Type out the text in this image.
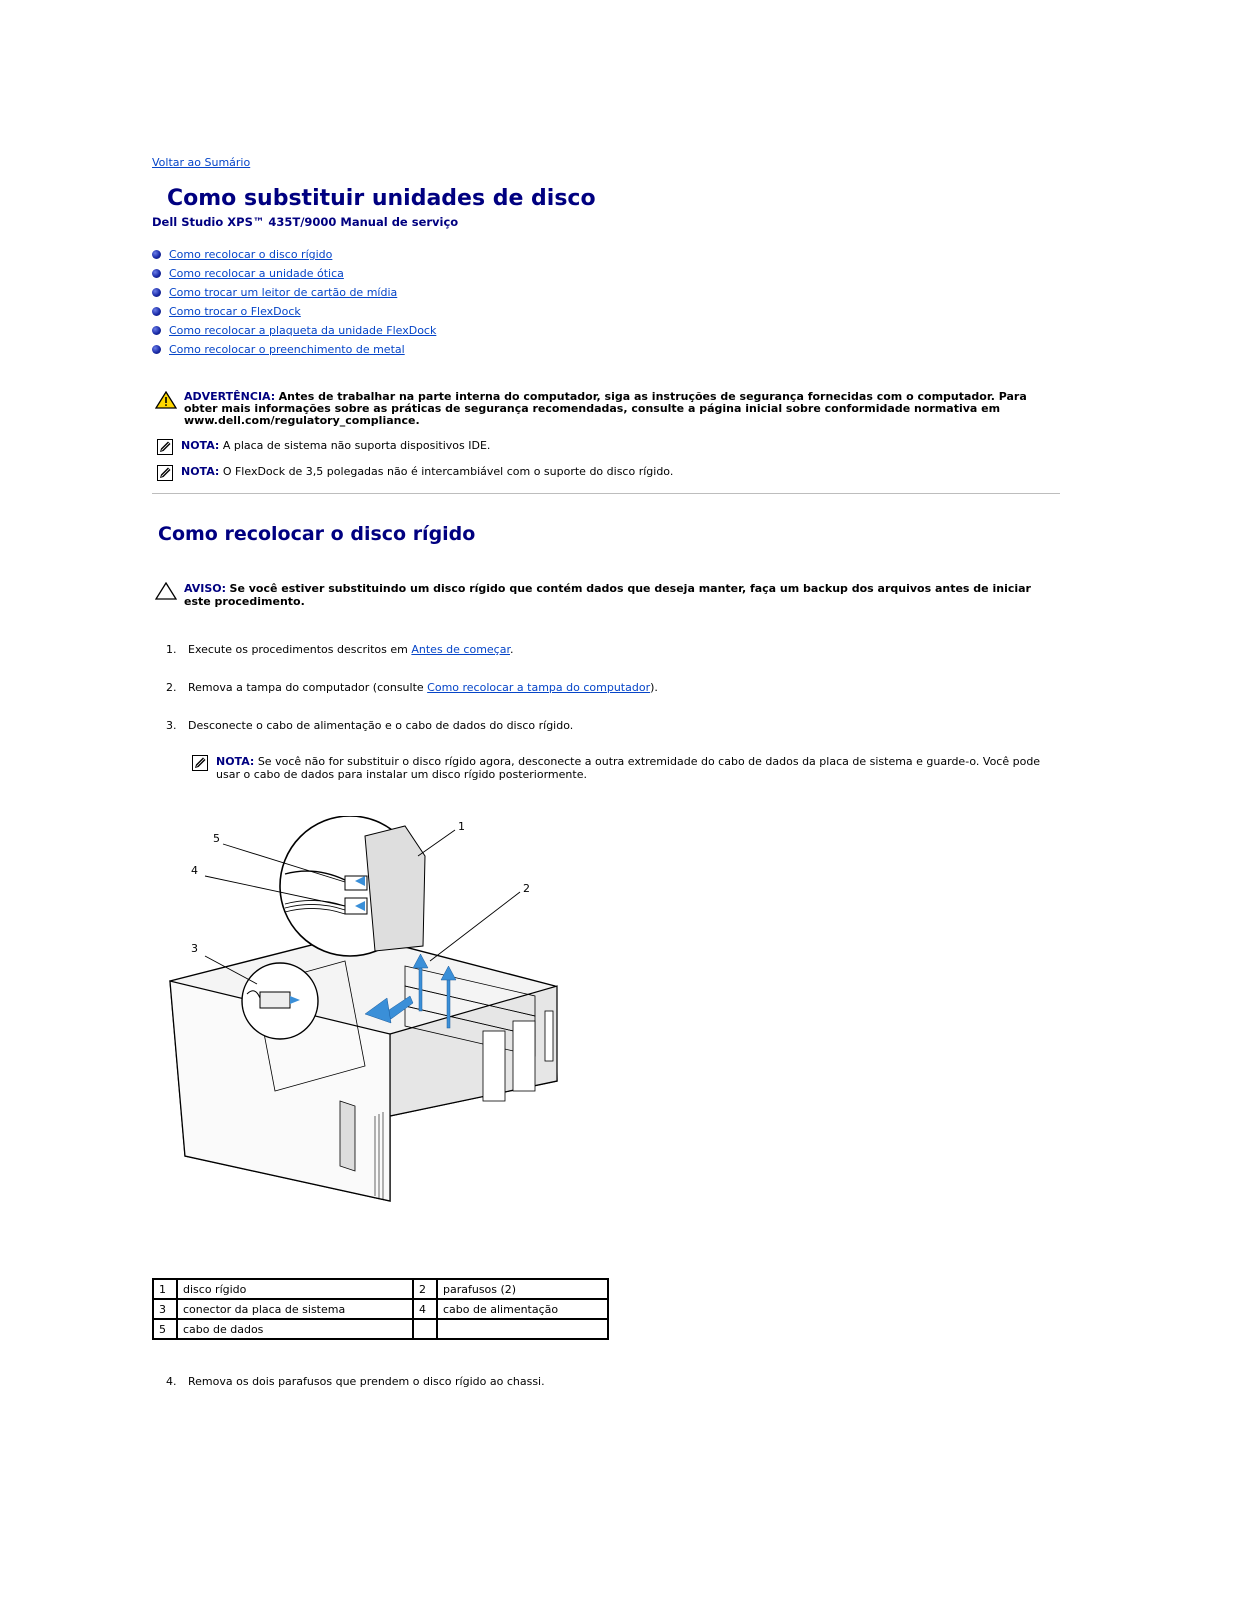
Voltar ao Sumário
Como substituir unidades de disco
Dell Studio XPS™ 435T/9000 Manual de serviço
Como recolocar o disco rígido
Como recolocar a unidade ótica
Como trocar um leitor de cartão de mídia
Como trocar o FlexDock
Como recolocar a plaqueta da unidade FlexDock
Como recolocar o preenchimento de metal
ADVERTÊNCIA: Antes de trabalhar na parte interna do computador, siga as instruções de segurança fornecidas com o computador. Para obter mais informações sobre as práticas de segurança recomendadas, consulte a página inicial sobre conformidade normativa em www.dell.com/regulatory_compliance.
NOTA: A placa de sistema não suporta dispositivos IDE.
NOTA: O FlexDock de 3,5 polegadas não é intercambiável com o suporte do disco rígido.
Como recolocar o disco rígido
AVISO: Se você estiver substituindo um disco rígido que contém dados que deseja manter, faça um backup dos arquivos antes de iniciar este procedimento.
1. Execute os procedimentos descritos em Antes de começar.
2. Remova a tampa do computador (consulte Como recolocar a tampa do computador).
3. Desconecte o cabo de alimentação e o cabo de dados do disco rígido.
NOTA: Se você não for substituir o disco rígido agora, desconecte a outra extremidade do cabo de dados da placa de sistema e guarde-o. Você pode usar o cabo de dados para instalar um disco rígido posteriormente.
1
2
3
4
5
1	disco rígido	2	parafusos (2)
3	conector da placa de sistema	4	cabo de alimentação
5	cabo de dados		
4. Remova os dois parafusos que prendem o disco rígido ao chassi.
